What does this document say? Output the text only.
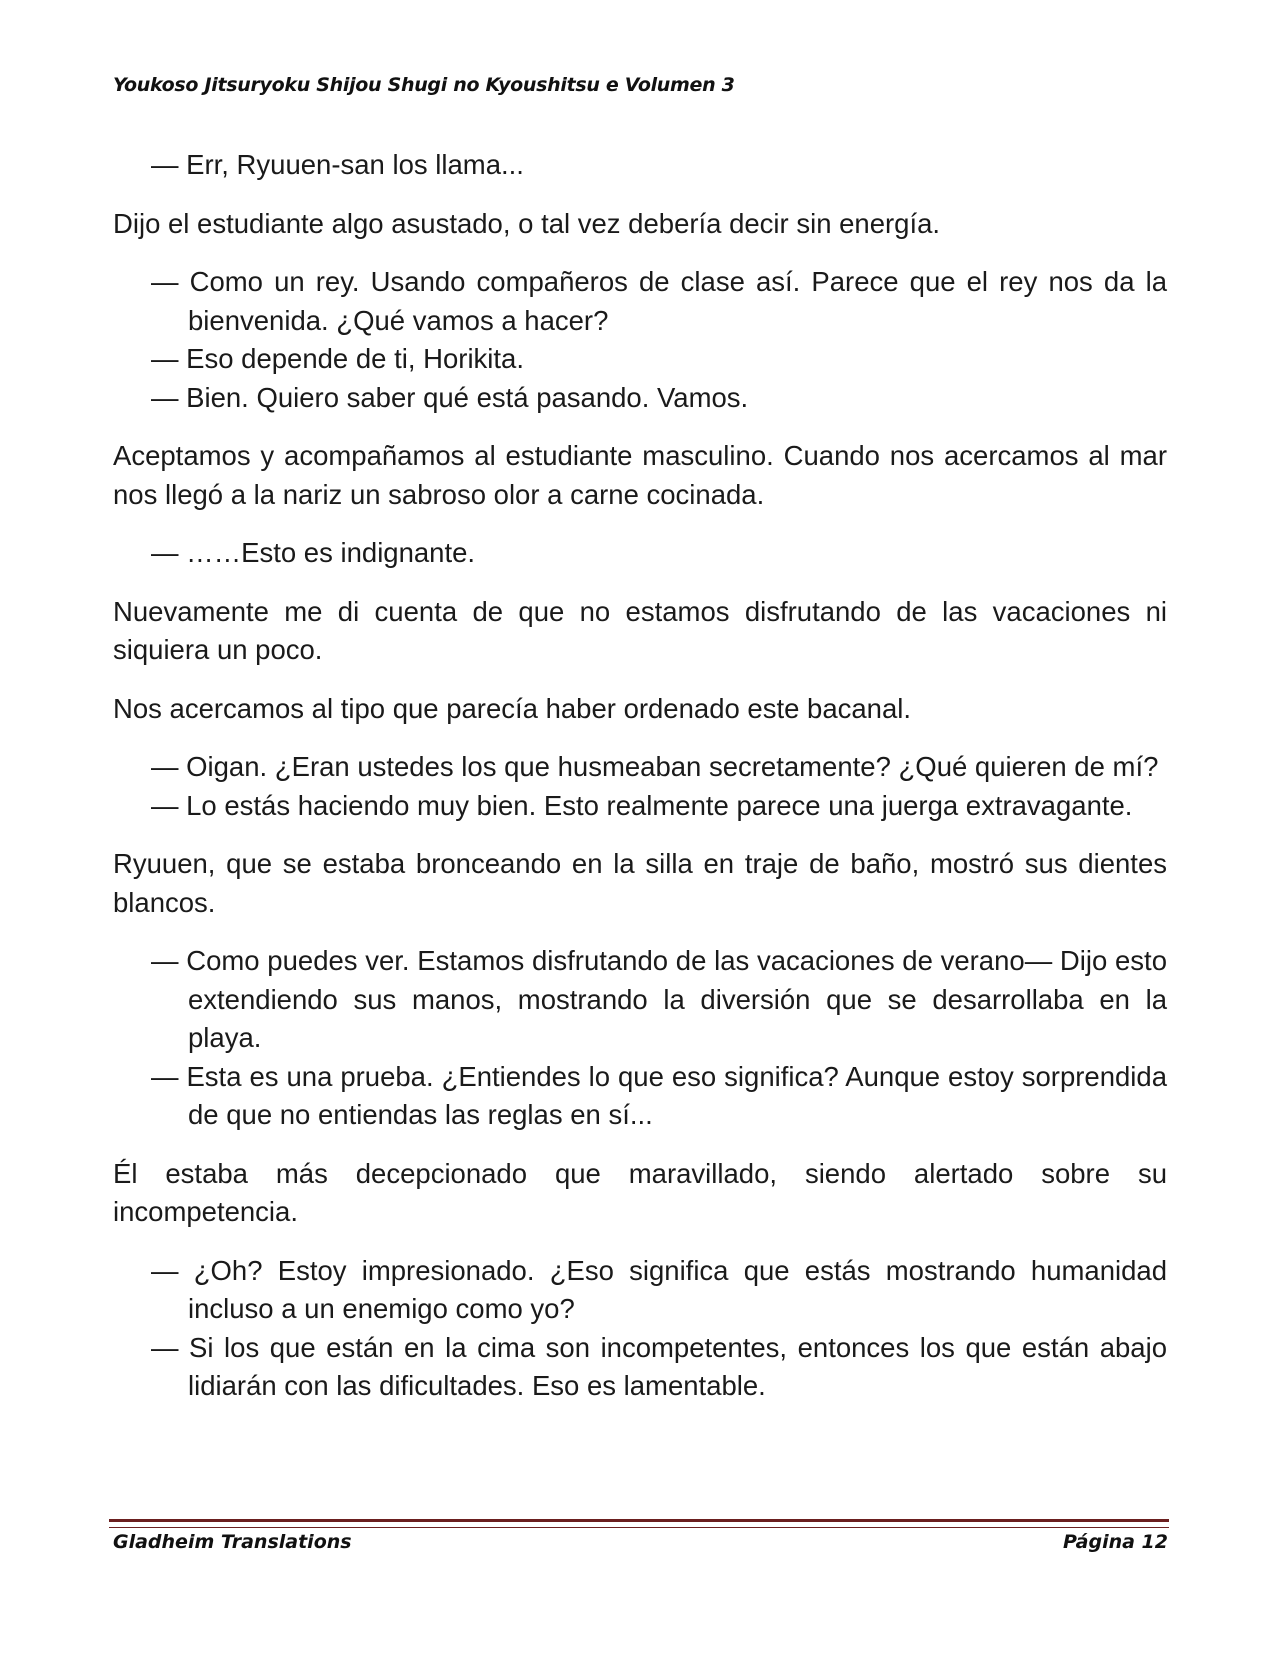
Youkoso Jitsuryoku Shijou Shugi no Kyoushitsu e Volumen 3

— Err, Ryuuen-san los llama...

Dijo el estudiante algo asustado, o tal vez debería decir sin energía.

— Como un rey. Usando compañeros de clase así. Parece que el rey nos da la bienvenida. ¿Qué vamos a hacer?

— Eso depende de ti, Horikita.

— Bien. Quiero saber qué está pasando. Vamos.

Aceptamos y acompañamos al estudiante masculino. Cuando nos acercamos al mar nos llegó a la nariz un sabroso olor a carne cocinada.

— ……Esto es indignante.

Nuevamente me di cuenta de que no estamos disfrutando de las vacaciones ni siquiera un poco.

Nos acercamos al tipo que parecía haber ordenado este bacanal.

— Oigan. ¿Eran ustedes los que husmeaban secretamente? ¿Qué quieren de mí?

— Lo estás haciendo muy bien. Esto realmente parece una juerga extravagante.

Ryuuen, que se estaba bronceando en la silla en traje de baño, mostró sus dientes blancos.

— Como puedes ver. Estamos disfrutando de las vacaciones de verano— Dijo esto extendiendo sus manos, mostrando la diversión que se desarrollaba en la playa.

— Esta es una prueba. ¿Entiendes lo que eso significa? Aunque estoy sorprendida de que no entiendas las reglas en sí...

Él estaba más decepcionado que maravillado, siendo alertado sobre su incompetencia.

— ¿Oh? Estoy impresionado. ¿Eso significa que estás mostrando humanidad incluso a un enemigo como yo?

— Si los que están en la cima son incompetentes, entonces los que están abajo lidiarán con las dificultades. Eso es lamentable.

Gladheim Translations	Página 12
